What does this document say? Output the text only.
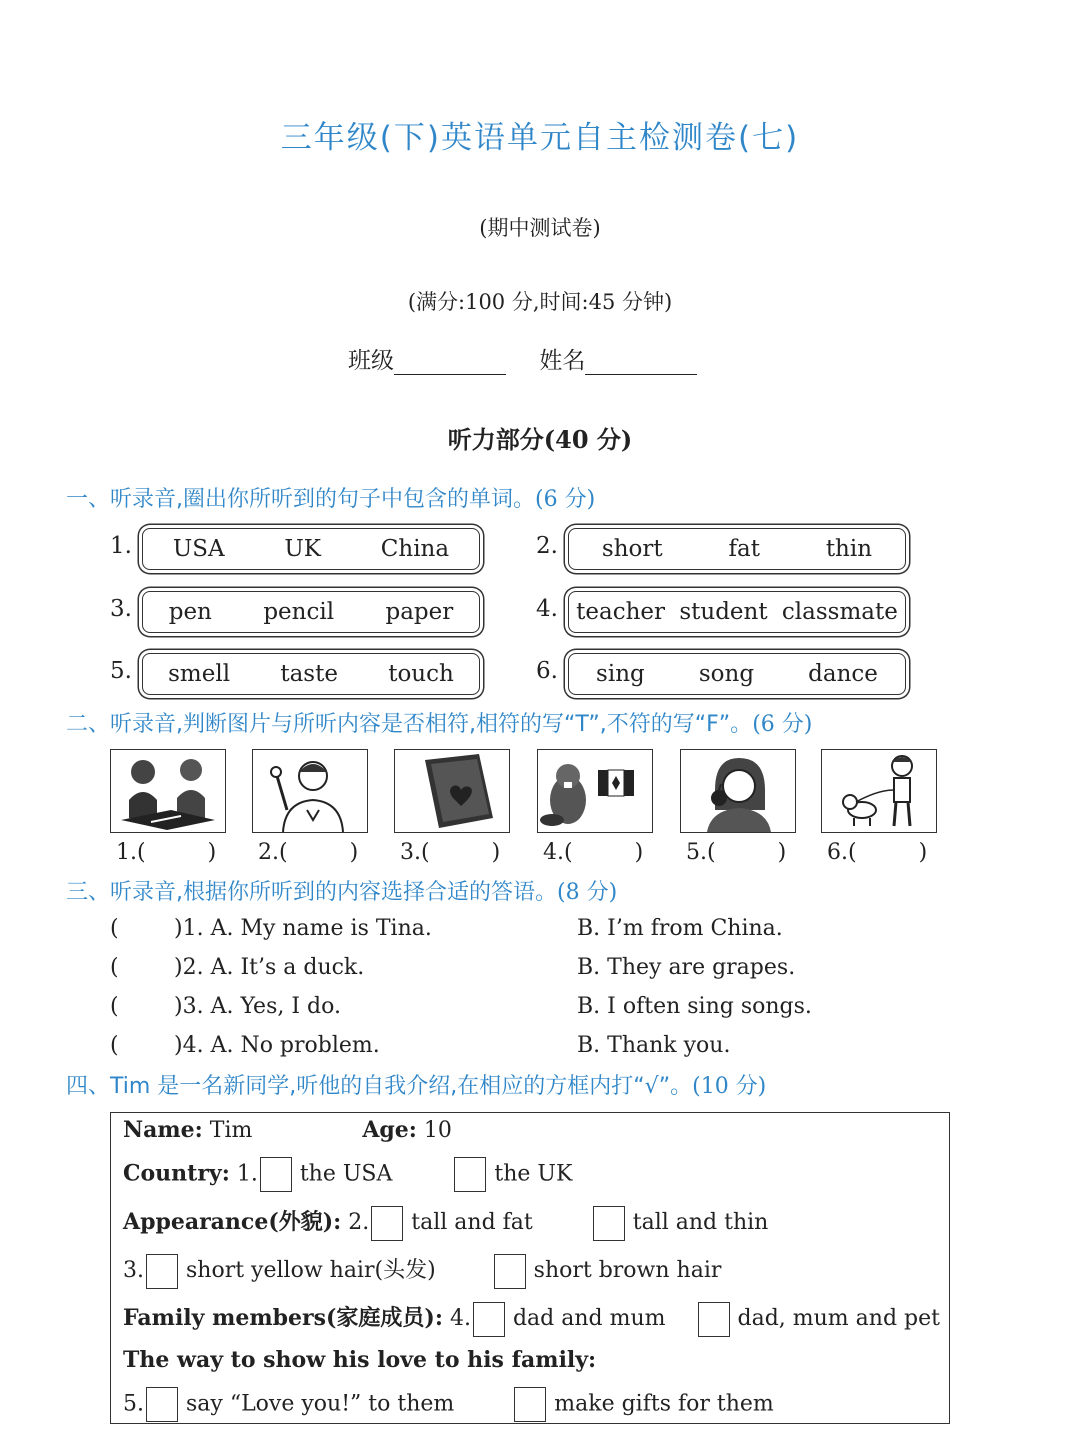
三年级(下)英语单元自主检测卷(七)
(期中测试卷)
(满分:100 分,时间:45 分钟)
班级	姓名
听力部分(40 分)
一、听录音,圈出你所听到的句子中包含的单词。(6 分)
1. USA	UK	China	2. short	fat	thin
3. pen pencil paper	4. teacher student classmate
5. smell taste touch	6. sing song dance
二、听录音,判断图片与所听内容是否相符,相符的写“T”,不符的写“F”。(6 分)
1.(	) 2.(	) 3.(	) 4.(	) 5.(	) 6.(	)
三、听录音,根据你所听到的内容选择合适的答语。(8 分)
(	)1. A. My name is Tina.	B. I’m from China.
(	)2. A. It’s a duck.	B. They are grapes.
(	)3. A. Yes, I do.	B. I often sing songs.
(	)4. A. No problem.	B. Thank you.
四、Tim 是一名新同学,听他的自我介绍,在相应的方框内打“√”。(10 分)
Name: Tim	Age: 10
Country: 1. the USA	the UK
Appearance(外貌): 2. tall and fat	tall and thin
3. short yellow hair(头发)	short brown hair
Family members(家庭成员): 4. dad and mum	dad, mum and pet
The way to show his love to his family:
5. say “Love you!” to them	make gifts for them
